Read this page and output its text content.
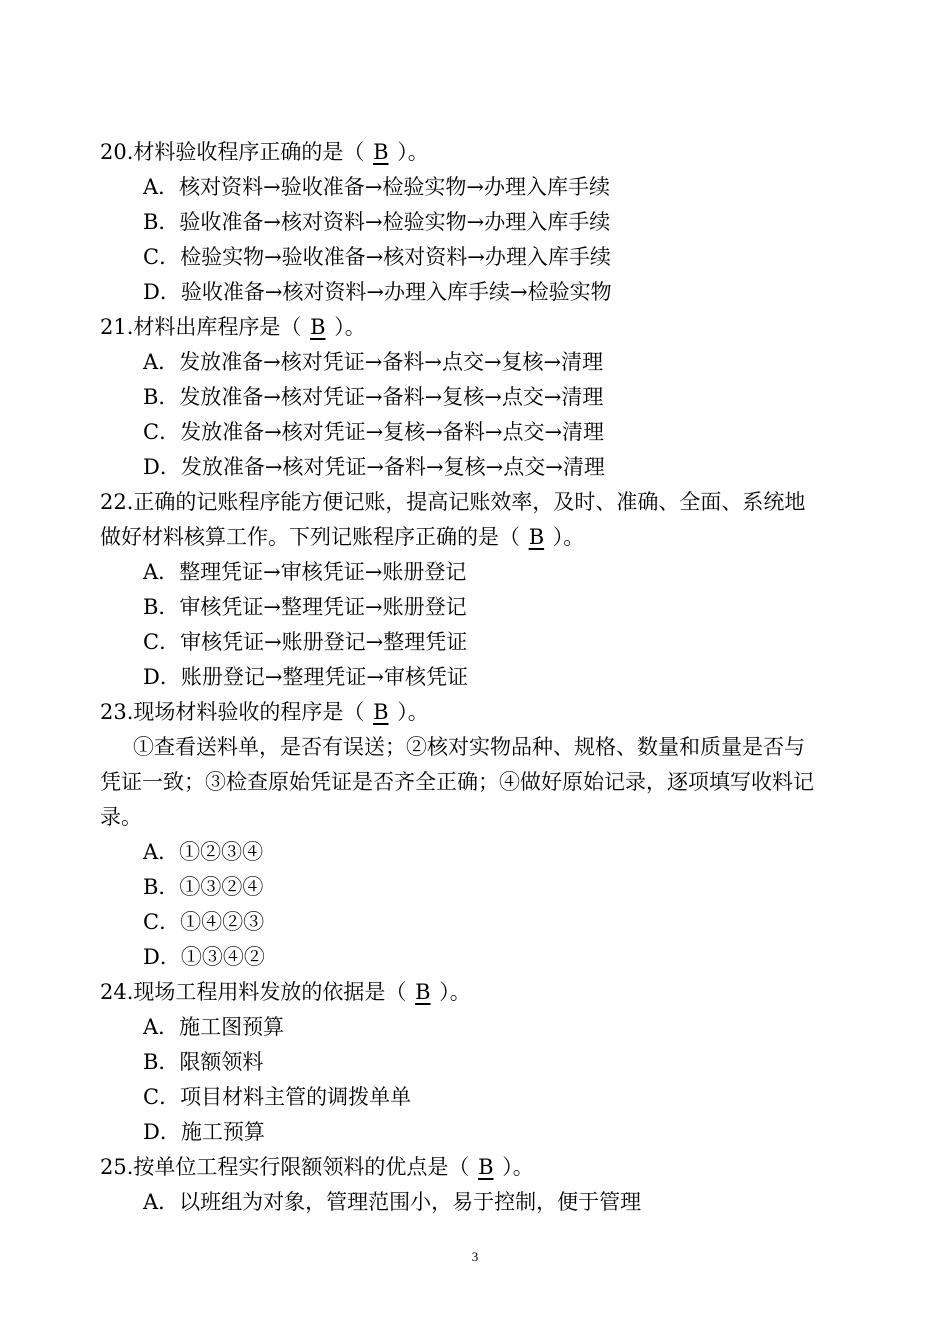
20.材料验收程序正确的是（ B ）。
A．核对资料→验收准备→检验实物→办理入库手续
B．验收准备→核对资料→检验实物→办理入库手续
C．检验实物→验收准备→核对资料→办理入库手续
D．验收准备→核对资料→办理入库手续→检验实物
21.材料出库程序是（ B ）。
A．发放准备→核对凭证→备料→点交→复核→清理
B．发放准备→核对凭证→备料→复核→点交→清理
C．发放准备→核对凭证→复核→备料→点交→清理
D．发放准备→核对凭证→备料→复核→点交→清理
22.正确的记账程序能方便记账，提高记账效率，及时、准确、全面、系统地
做好材料核算工作。下列记账程序正确的是（ B ）。
A．整理凭证→审核凭证→账册登记
B．审核凭证→整理凭证→账册登记
C．审核凭证→账册登记→整理凭证
D．账册登记→整理凭证→审核凭证
23.现场材料验收的程序是（ B ）。
①查看送料单，是否有误送；②核对实物品种、规格、数量和质量是否与
凭证一致；③检查原始凭证是否齐全正确；④做好原始记录，逐项填写收料记
录。
A．①②③④
B．①③②④
C．①④②③
D．①③④②
24.现场工程用料发放的依据是（ B ）。
A．施工图预算
B．限额领料
C．项目材料主管的调拨单单
D．施工预算
25.按单位工程实行限额领料的优点是（ B ）。
A．以班组为对象，管理范围小，易于控制，便于管理
3
